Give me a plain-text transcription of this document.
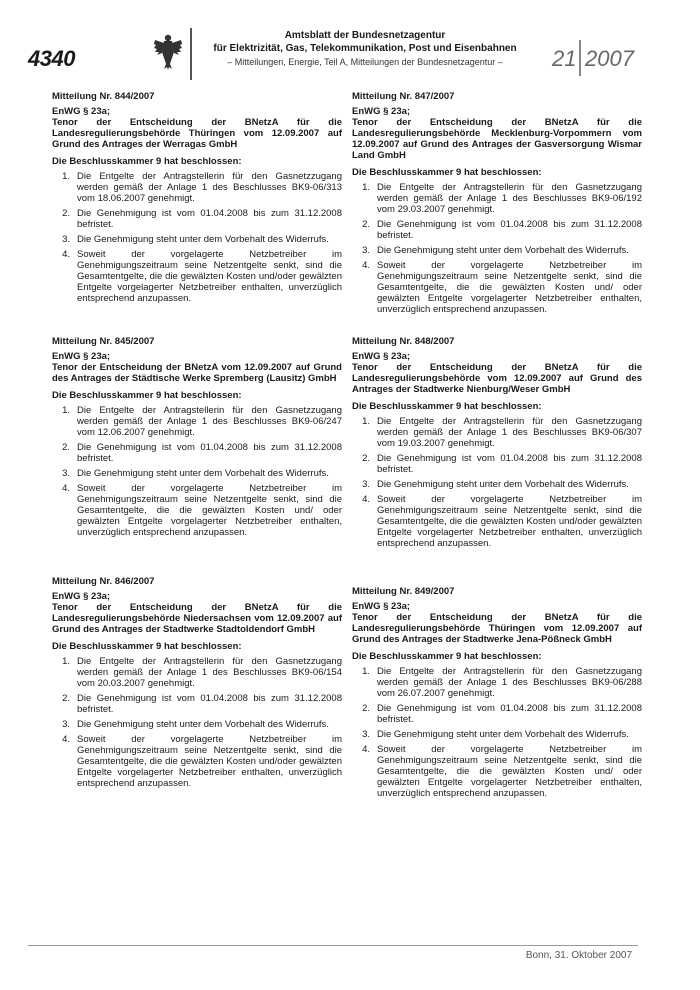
4340
Amtsblatt der Bundesnetzagentur
für Elektrizität, Gas, Telekommunikation, Post und Eisenbahnen
– Mitteilungen, Energie, Teil A, Mitteilungen der Bundesnetzagentur –	21 2007

Mitteilung Nr. 844/2007

EnWG § 23a;

Tenor der Entscheidung der BNetzA für die Landesregulierungsbehörde Thüringen vom 12.09.2007 auf Grund des Antrages der Werragas GmbH

Die Beschlusskammer 9 hat beschlossen:

1. Die Entgelte der Antragstellerin für den Gasnetzzugang werden gemäß der Anlage 1 des Beschlusses BK9-06/313 vom 18.06.2007 genehmigt.
2. Die Genehmigung ist vom 01.04.2008 bis zum 31.12.2008 befristet.
3. Die Genehmigung steht unter dem Vorbehalt des Widerrufs.
4. Soweit der vorgelagerte Netzbetreiber im Genehmigungszeitraum seine Netzentgelte senkt, sind die Gesamtentgelte, die die gewälzten Kosten und/oder gewälzten Entgelte vorgelagerter Netzbetreiber enthalten, unverzüglich entsprechend anzupassen.

Mitteilung Nr. 845/2007

EnWG § 23a;

Tenor der Entscheidung der BNetzA vom 12.09.2007 auf Grund des Antrages der Städtische Werke Spremberg (Lausitz) GmbH

Die Beschlusskammer 9 hat beschlossen:

1. Die Entgelte der Antragstellerin für den Gasnetzzugang werden gemäß der Anlage 1 des Beschlusses BK9-06/247 vom 12.06.2007 genehmigt.
2. Die Genehmigung ist vom 01.04.2008 bis zum 31.12.2008 befristet.
3. Die Genehmigung steht unter dem Vorbehalt des Widerrufs.
4. Soweit der vorgelagerte Netzbetreiber im Genehmigungszeitraum seine Netzentgelte senkt, sind die Gesamtentgelte, die die gewälzten Kosten und/ oder gewälzten Entgelte vorgelagerter Netzbetreiber enthalten, unverzüglich entsprechend anzupassen.

Mitteilung Nr. 846/2007

EnWG § 23a;

Tenor der Entscheidung der BNetzA für die Landesregulierungsbehörde Niedersachsen vom 12.09.2007 auf Grund des Antrages der Stadtwerke Stadtoldendorf GmbH

Die Beschlusskammer 9 hat beschlossen:

1. Die Entgelte der Antragstellerin für den Gasnetzzugang werden gemäß der Anlage 1 des Beschlusses BK9-06/154 vom 20.03.2007 genehmigt.
2. Die Genehmigung ist vom 01.04.2008 bis zum 31.12.2008 befristet.
3. Die Genehmigung steht unter dem Vorbehalt des Widerrufs.
4. Soweit der vorgelagerte Netzbetreiber im Genehmigungszeitraum seine Netzentgelte senkt, sind die Gesamtentgelte, die die gewälzten Kosten und/oder gewälzten Entgelte vorgelagerter Netzbetreiber enthalten, unverzüglich entsprechend anzupassen.

Mitteilung Nr. 847/2007

EnWG § 23a;

Tenor der Entscheidung der BNetzA für die Landesregulierungsbehörde Mecklenburg-Vorpommern vom 12.09.2007 auf Grund des Antrages der Gasversorgung Wismar Land GmbH

Die Beschlusskammer 9 hat beschlossen:

1. Die Entgelte der Antragstellerin für den Gasnetzzugang werden gemäß der Anlage 1 des Beschlusses BK9-06/192 vom 29.03.2007 genehmigt.
2. Die Genehmigung ist vom 01.04.2008 bis zum 31.12.2008 befristet.
3. Die Genehmigung steht unter dem Vorbehalt des Widerrufs.
4. Soweit der vorgelagerte Netzbetreiber im Genehmigungszeitraum seine Netzentgelte senkt, sind die Gesamtentgelte, die die gewälzten Kosten und/ oder gewälzten Entgelte vorgelagerter Netzbetreiber enthalten, unverzüglich entsprechend anzupassen.

Mitteilung Nr. 848/2007

EnWG § 23a;

Tenor der Entscheidung der BNetzA für die Landesregulierungsbehörde vom 12.09.2007 auf Grund des Antrages der Stadtwerke Nienburg/Weser GmbH

Die Beschlusskammer 9 hat beschlossen:

1. Die Entgelte der Antragstellerin für den Gasnetzzugang werden gemäß der Anlage 1 des Beschlusses BK9-06/307 vom 19.03.2007 genehmigt.
2. Die Genehmigung ist vom 01.04.2008 bis zum 31.12.2008 befristet.
3. Die Genehmigung steht unter dem Vorbehalt des Widerrufs.
4. Soweit der vorgelagerte Netzbetreiber im Genehmigungszeitraum seine Netzentgelte senkt, sind die Gesamtentgelte, die die gewälzten Kosten und/oder gewälzten Entgelte vorgelagerter Netzbetreiber enthalten, unverzüglich entsprechend anzupassen.

Mitteilung Nr. 849/2007

EnWG § 23a;

Tenor der Entscheidung der BNetzA für die Landesregulierungsbehörde Thüringen vom 12.09.2007 auf Grund des Antrages der Stadtwerke Jena-Pößneck GmbH

Die Beschlusskammer 9 hat beschlossen:

1. Die Entgelte der Antragstellerin für den Gasnetzzugang werden gemäß der Anlage 1 des Beschlusses BK9-06/288 vom 26.07.2007 genehmigt.
2. Die Genehmigung ist vom 01.04.2008 bis zum 31.12.2008 befristet.
3. Die Genehmigung steht unter dem Vorbehalt des Widerrufs.
4. Soweit der vorgelagerte Netzbetreiber im Genehmigungszeitraum seine Netzentgelte senkt, sind die Gesamtentgelte, die die gewälzten Kosten und/ oder gewälzten Entgelte vorgelagerter Netzbetreiber enthalten, unverzüglich entsprechend anzupassen.
Bonn, 31. Oktober 2007
